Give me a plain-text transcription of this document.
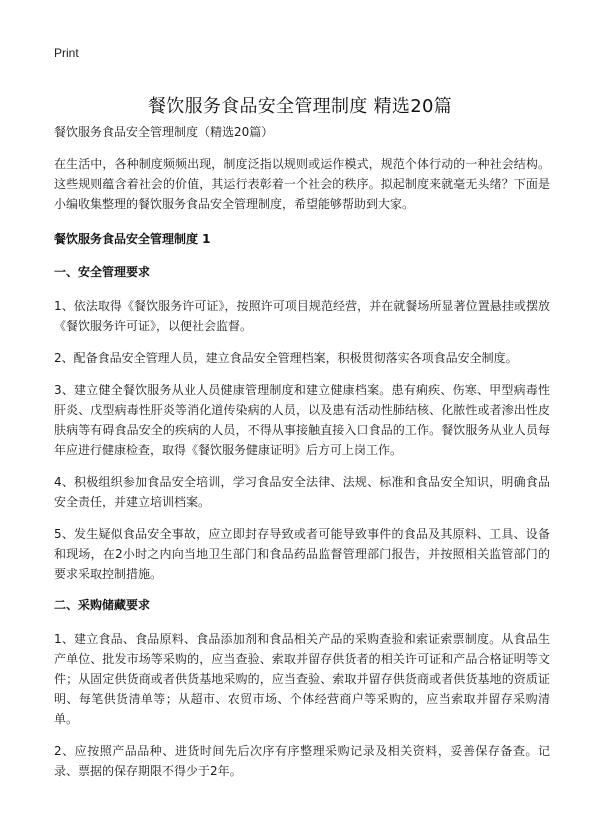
Print
餐饮服务食品安全管理制度 精选20篇

餐饮服务食品安全管理制度（精选20篇）

在生活中，各种制度频频出现，制度泛指以规则或运作模式，规范个体行动的一种社会结构。这些规则蕴含着社会的价值，其运行表彰着一个社会的秩序。拟起制度来就毫无头绪？下面是小编收集整理的餐饮服务食品安全管理制度，希望能够帮助到大家。

餐饮服务食品安全管理制度 1
一、安全管理要求

1、依法取得《餐饮服务许可证》，按照许可项目规范经营，并在就餐场所显著位置悬挂或摆放《餐饮服务许可证》，以便社会监督。

2、配备食品安全管理人员，建立食品安全管理档案，积极贯彻落实各项食品安全制度。

3、建立健全餐饮服务从业人员健康管理制度和建立健康档案。患有痢疾、伤寒、甲型病毒性肝炎、戊型病毒性肝炎等消化道传染病的人员，以及患有活动性肺结核、化脓性或者渗出性皮肤病等有碍食品安全的疾病的人员，不得从事接触直接入口食品的工作。餐饮服务从业人员每年应进行健康检查，取得《餐饮服务健康证明》后方可上岗工作。

4、积极组织参加食品安全培训，学习食品安全法律、法规、标准和食品安全知识，明确食品安全责任，并建立培训档案。

5、发生疑似食品安全事故，应立即封存导致或者可能导致事件的食品及其原料、工具、设备和现场，在2小时之内向当地卫生部门和食品药品监督管理部门报告，并按照相关监管部门的要求采取控制措施。

二、采购储藏要求

1、建立食品、食品原料、食品添加剂和食品相关产品的采购查验和索证索票制度。从食品生产单位、批发市场等采购的，应当查验、索取并留存供货者的相关许可证和产品合格证明等文件；从固定供货商或者供货基地采购的，应当查验、索取并留存供货商或者供货基地的资质证明、每笔供货清单等；从超市、农贸市场、个体经营商户等采购的，应当索取并留存采购清单。

2、应按照产品品种、进货时间先后次序有序整理采购记录及相关资料，妥善保存备查。记录、票据的保存期限不得少于2年。
